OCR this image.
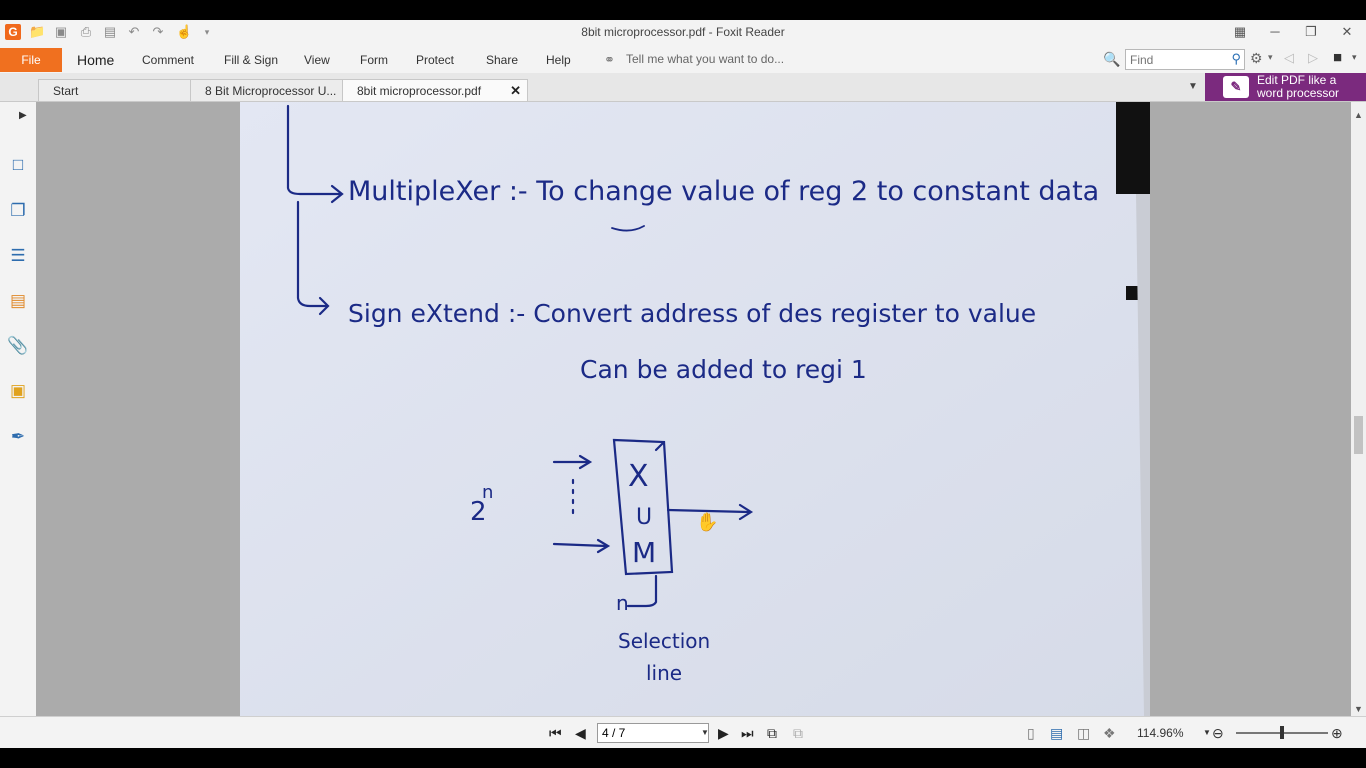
G 📁 ▣ ⎙ ▤ ↶ ↷ ☝	▾	8bit microprocessor.pdf - Foxit Reader	▦	─	❐	✕
File	Home Comment Fill & Sign View	Form Protect	Share Help	⚭ Tell me what you want to do...	🔍
Find	⚲ ⚙ ▾ ◁ ▷ ■ ▾
Start	8 Bit Microprocessor U...	8bit microprocessor.pdf ✕	▼	✎	Edit PDF like a
word processor
▶
□
❐
☰
▤
📎
▣
✒
MultipleXer :- To change value of reg 2 to constant data
Sign eXtend :- Convert address of des register to value
Can be added to regi 1
2
n	X
U
M
n
Selection
line
✋
▲
▼
⏮ ◀
4 / 7	▼ ▶ ⏭ ⧉ ⧉	▯ ▤ ◫ ❖ 114.96% ▼ ⊖	⊕
